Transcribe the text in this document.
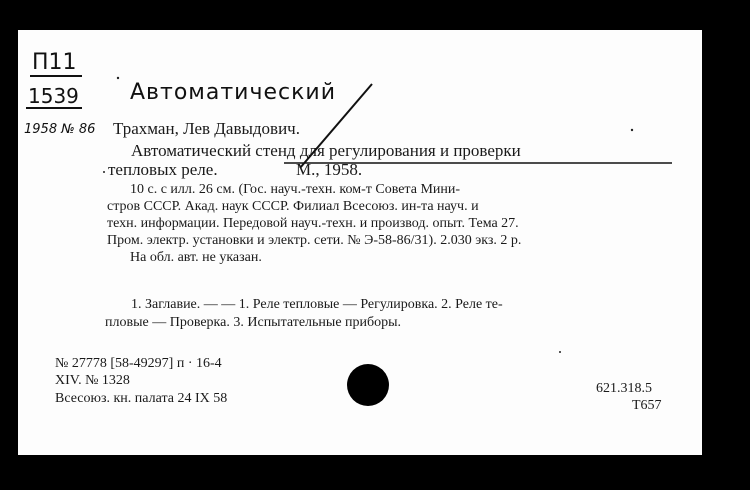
П11
1539 Автоматический
1958 № 86 Трахман, Лев Давыдович.
Автоматический стенд для регулирования и проверки
тепловых реле.	М., 1958.
10 с. с илл. 26 см. (Гос. науч.-техн. ком-т Совета Мини-
стров СССР. Акад. наук СССР. Филиал Всесоюз. ин-та науч. и
техн. информации. Передовой науч.-техн. и производ. опыт. Тема 27.
Пром. электр. установки и электр. сети. № Э-58-86/31). 2.030 экз. 2 р.
На обл. авт. не указан.
1. Заглавие. — — 1. Реле тепловые — Регулировка. 2. Реле те-
пловые — Проверка. 3. Испытательные приборы.
№ 27778 [58-49297] п · 16-4
XIV. № 1328
Всесоюз. кн. палата 24 IX 58
621.318.5
Т657
